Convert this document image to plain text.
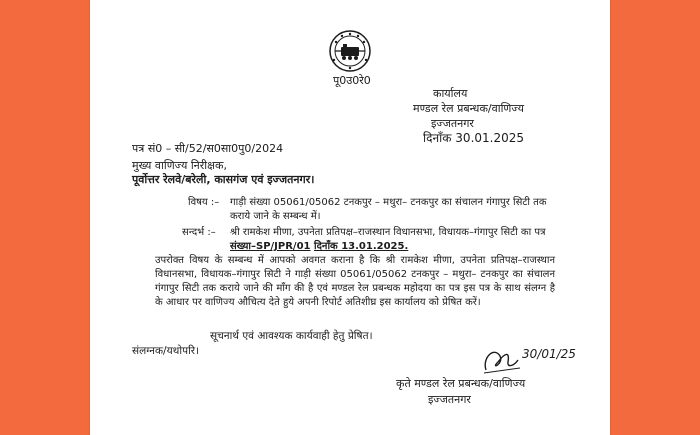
पू0उ0रे0
कार्यालय
मण्डल रेल प्रबन्धक/वाणिज्य
इज्जतनगर
दिनाँक 30.01.2025
पत्र सं0 – सी/52/स0सा0पु0/2024
मुख्य वाणिज्य निरीक्षक,
पूर्वोत्तर रेलवे/बरेली, कासगंज एवं इज्जतनगर।
विषय :– गाड़ी संख्या 05061/05062 टनकपुर – मथुरा– टनकपुर का संचालन गंगापुर सिटी तक
कराये जाने के सम्बन्ध में।
सन्दर्भ :– श्री रामकेश मीणा, उपनेता प्रतिपक्ष–राजस्थान विधानसभा, विधायक–गंगापुर सिटी का पत्र
संख्या–SP/JPR/01 दिनाँक 13.01.2025.
उपरोक्त विषय के सम्बन्ध में आपको अवगत कराना है कि श्री रामकेश मीणा, उपनेता प्रतिपक्ष–राजस्थान विधानसभा, विधायक–गंगापुर सिटी ने गाड़ी संख्या 05061/05062 टनकपुर – मथुरा– टनकपुर का संचालन गंगापुर सिटी तक कराये जाने की माँग की है एवं मण्डल रेल प्रबन्धक महोदया का पत्र इस पत्र के साथ संलग्न है के आधार पर वाणिज्य औचित्य देते हुये अपनी रिपोर्ट अतिशीघ्र इस कार्यालय को प्रेषित करें।
सूचनार्थ एवं आवश्यक कार्यवाही हेतु प्रेषित।
संलग्नक/यथोपरि।	30/01/25
कृते मण्डल रेल प्रबन्धक/वाणिज्य
इज्जतनगर
